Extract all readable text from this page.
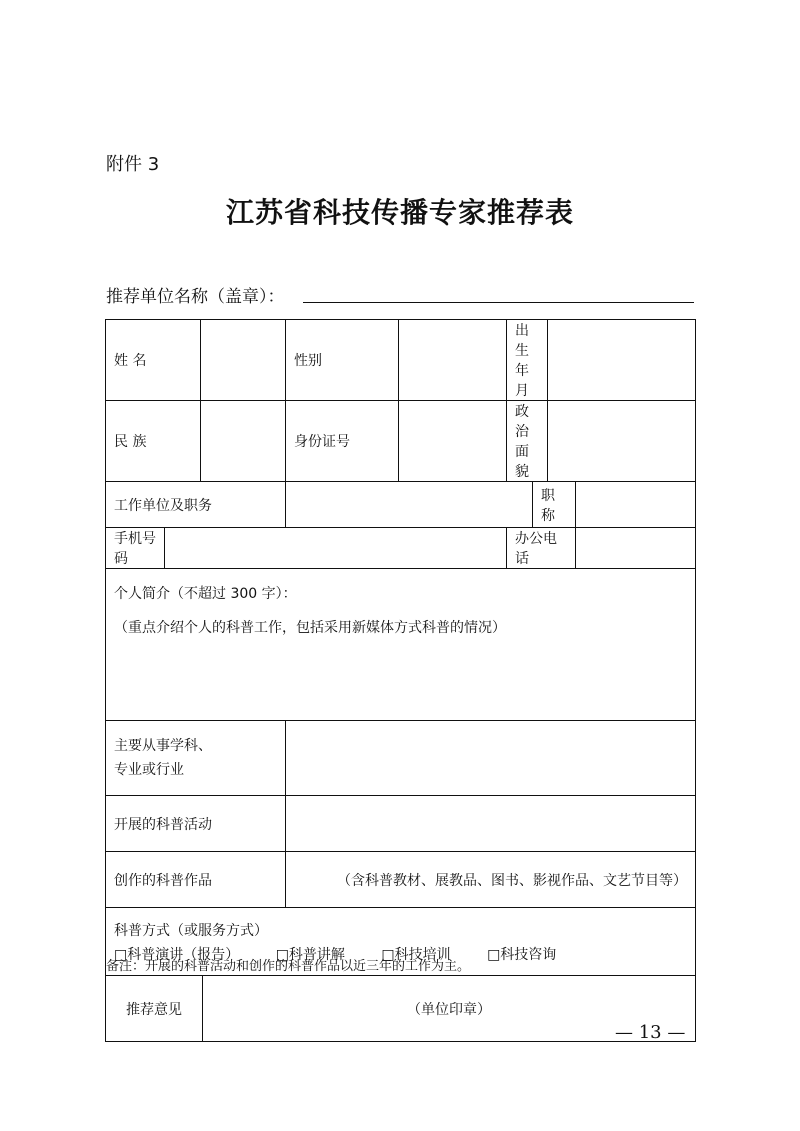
附件 3
江苏省科技传播专家推荐表
推荐单位名称（盖章）：
姓 名				性别		出生年月			
民 族				身份证号		政治面貌			
工作单位及职务							职称		
手机号码						办公电话			

个人简介（不超过 300 字）：
（重点介绍个人的科普工作，包括采用新媒体方式科普的情况）									

主要从事学科、
专业或行业									

开展的科普活动									
创作的科普作品				（含科普教材、展教品、图书、影视作品、文艺节目等）					

科普方式（或服务方式）
□科普演讲（报告） □科普讲解 □科技培训 □科技咨询									

推荐意见			（单位印章）						
备注：开展的科普活动和创作的科普作品以近三年的工作为主。
— 13 —
